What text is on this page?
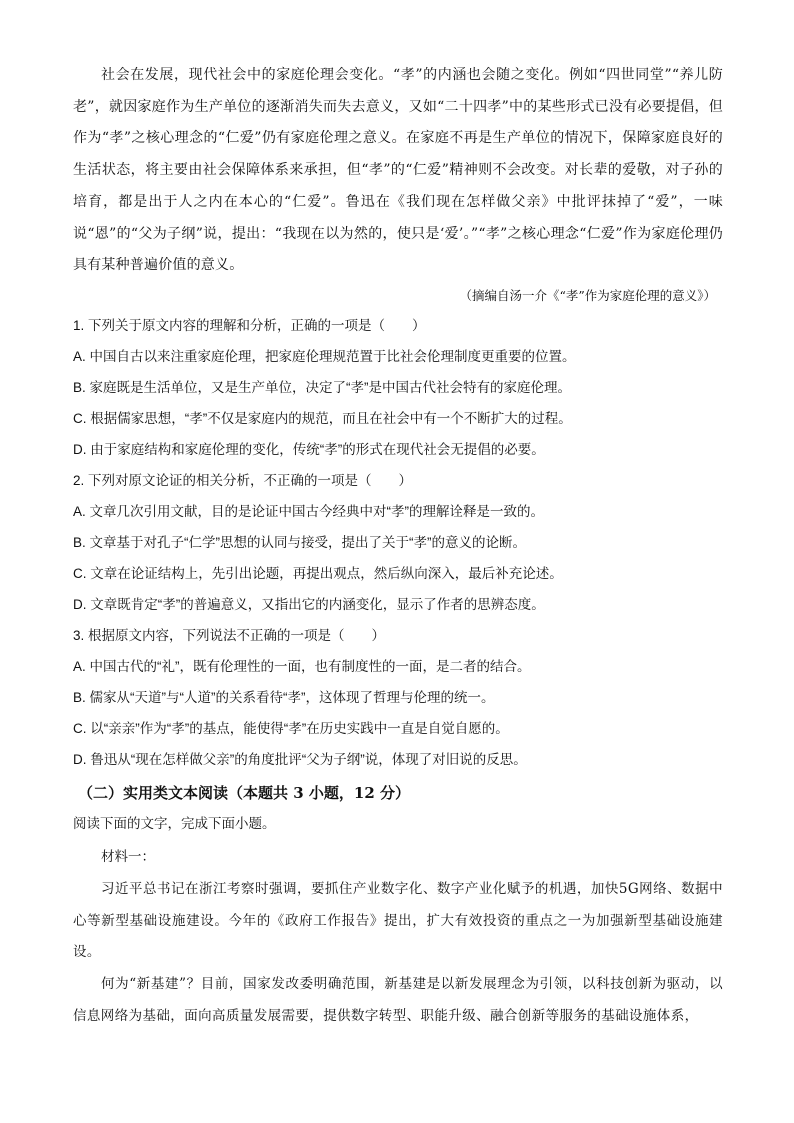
社会在发展，现代社会中的家庭伦理会变化。“孝”的内涵也会随之变化。例如“四世同堂”“养儿防老”，就因家庭作为生产单位的逐渐消失而失去意义，又如“二十四孝”中的某些形式已没有必要提倡，但作为“孝”之核心理念的“仁爱”仍有家庭伦理之意义。在家庭不再是生产单位的情况下，保障家庭良好的生活状态，将主要由社会保障体系来承担，但“孝”的“仁爱”精神则不会改变。对长辈的爱敬，对子孙的培育，都是出于人之内在本心的“仁爱”。鲁迅在《我们现在怎样做父亲》中批评抹掉了“爱”，一味说“恩”的“父为子纲”说，提出：“我现在以为然的，使只是‘爱’。”“孝”之核心理念“仁爱”作为家庭伦理仍具有某种普遍价值的意义。

（摘编自汤一介《“孝”作为家庭伦理的意义》）
1. 下列关于原文内容的理解和分析，正确的一项是（　　）
A. 中国自古以来注重家庭伦理，把家庭伦理规范置于比社会伦理制度更重要的位置。
B. 家庭既是生活单位，又是生产单位，决定了“孝”是中国古代社会特有的家庭伦理。
C. 根据儒家思想，“孝”不仅是家庭内的规范，而且在社会中有一个不断扩大的过程。
D. 由于家庭结构和家庭伦理的变化，传统“孝”的形式在现代社会无提倡的必要。
2. 下列对原文论证的相关分析，不正确的一项是（　　）
A. 文章几次引用文献，目的是论证中国古今经典中对“孝”的理解诠释是一致的。
B. 文章基于对孔子“仁学”思想的认同与接受，提出了关于“孝”的意义的论断。
C. 文章在论证结构上，先引出论题，再提出观点，然后纵向深入，最后补充论述。
D. 文章既肯定“孝”的普遍意义，又指出它的内涵变化，显示了作者的思辨态度。
3. 根据原文内容，下列说法不正确的一项是（　　）
A. 中国古代的“礼”，既有伦理性的一面，也有制度性的一面，是二者的结合。
B. 儒家从“天道”与“人道”的关系看待“孝”，这体现了哲理与伦理的统一。
C. 以“亲亲”作为“孝”的基点，能使得“孝”在历史实践中一直是自觉自愿的。
D. 鲁迅从“现在怎样做父亲”的角度批评“父为子纲”说，体现了对旧说的反思。
（二）实用类文本阅读（本题共 3 小题，12 分）
阅读下面的文字，完成下面小题。
材料一：

习近平总书记在浙江考察时强调，要抓住产业数字化、数字产业化赋予的机遇，加快5G网络、数据中心等新型基础设施建设。今年的《政府工作报告》提出，扩大有效投资的重点之一为加强新型基础设施建设。

何为“新基建”？目前，国家发改委明确范围，新基建是以新发展理念为引领，以科技创新为驱动，以信息网络为基础，面向高质量发展需要，提供数字转型、职能升级、融合创新等服务的基础设施体系，
